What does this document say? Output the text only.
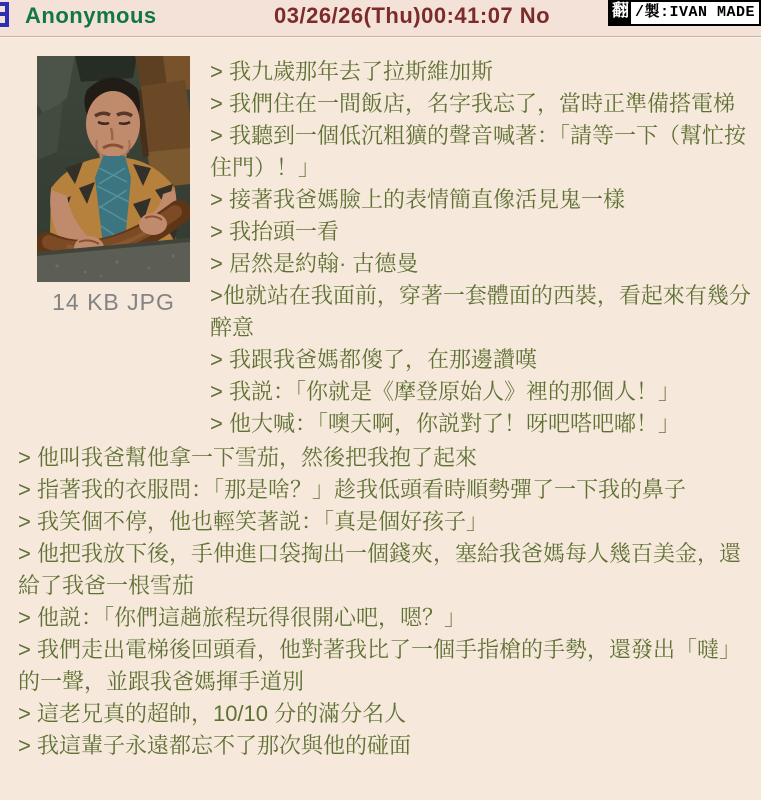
Anonymous	03/26/26(Thu)00:41:07 No	翻 /製:IVAN MADE
14 KB JPG

> 我九歲那年去了拉斯維加斯

> 我們住在一間飯店，名字我忘了，當時正準備搭電梯

> 我聽到一個低沉粗獷的聲音喊著：「請等一下（幫忙按住門）！」

> 接著我爸媽臉上的表情簡直像活見鬼一樣

> 我抬頭一看

> 居然是約翰· 古德曼

>他就站在我面前，穿著一套體面的西裝，看起來有幾分醉意

> 我跟我爸媽都傻了，在那邊讚嘆

> 我説：「你就是《摩登原始人》裡的那個人！」

> 他大喊：「噢天啊，你説對了！呀吧嗒吧嘟！」

> 他叫我爸幫他拿一下雪茄，然後把我抱了起來

> 指著我的衣服問：「那是啥？」趁我低頭看時順勢彈了一下我的鼻子

> 我笑個不停，他也輕笑著説：「真是個好孩子」

> 他把我放下後，手伸進口袋掏出一個錢夾，塞給我爸媽每人幾百美金，還給了我爸一根雪茄

> 他説：「你們這趟旅程玩得很開心吧，嗯？」

> 我們走出電梯後回頭看，他對著我比了一個手指槍的手勢，還發出「噠」的一聲，並跟我爸媽揮手道別

> 這老兄真的超帥，10/10 分的滿分名人

> 我這輩子永遠都忘不了那次與他的碰面
